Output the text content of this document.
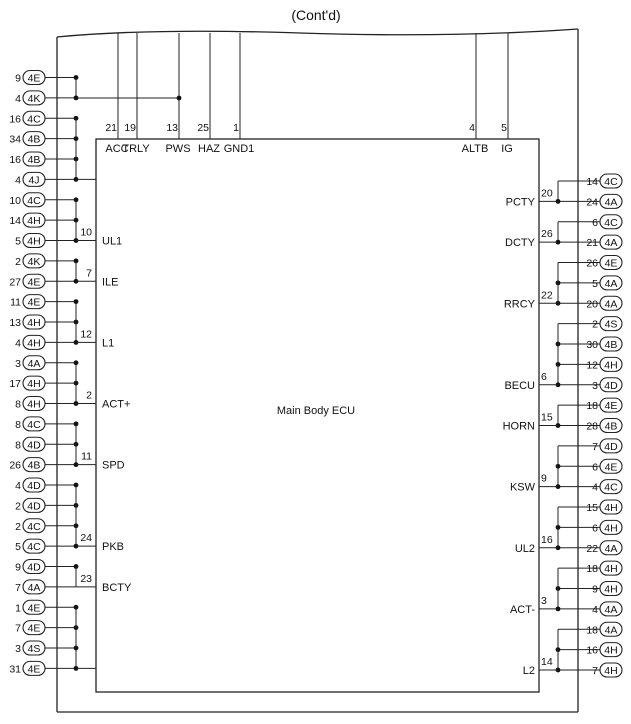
(Cont'd)
Main Body ECU
21
ACC
19
TRLY
13
PWS
25
HAZ
1
GND1
4
ALTB
5
IG
9 4E
4 4K
16 4C
34 4B
16 4B
4 4J
10 4C
14 4H
5 4H
10
UL1
2 4K
27 4E
7
ILE
11 4E
13 4H
4 4H
12
L1
3 4A
17 4H
8 4H
2
ACT+
8 4C
8 4D
26 4B
11
SPD
4 4D
2 4D
2 4C
5 4C
24
PKB
9 4D
7 4A
23
BCTY
1 4E
7 4E
3 4S
31 4E
14 4C
24 4A
20
PCTY
6 4C
21 4A
26
DCTY
26 4E
5 4A
20 4A
22
RRCY
2 4S
30 4B
12 4H
3 4D
6
BECU
18 4E
28 4B
15
HORN
7 4D
6 4E
4 4C
9
KSW
15 4H
6 4H
22 4A
16
UL2
18 4H
9 4H
4 4A
3
ACT-
18 4A
16 4H
7 4H
14
L2
